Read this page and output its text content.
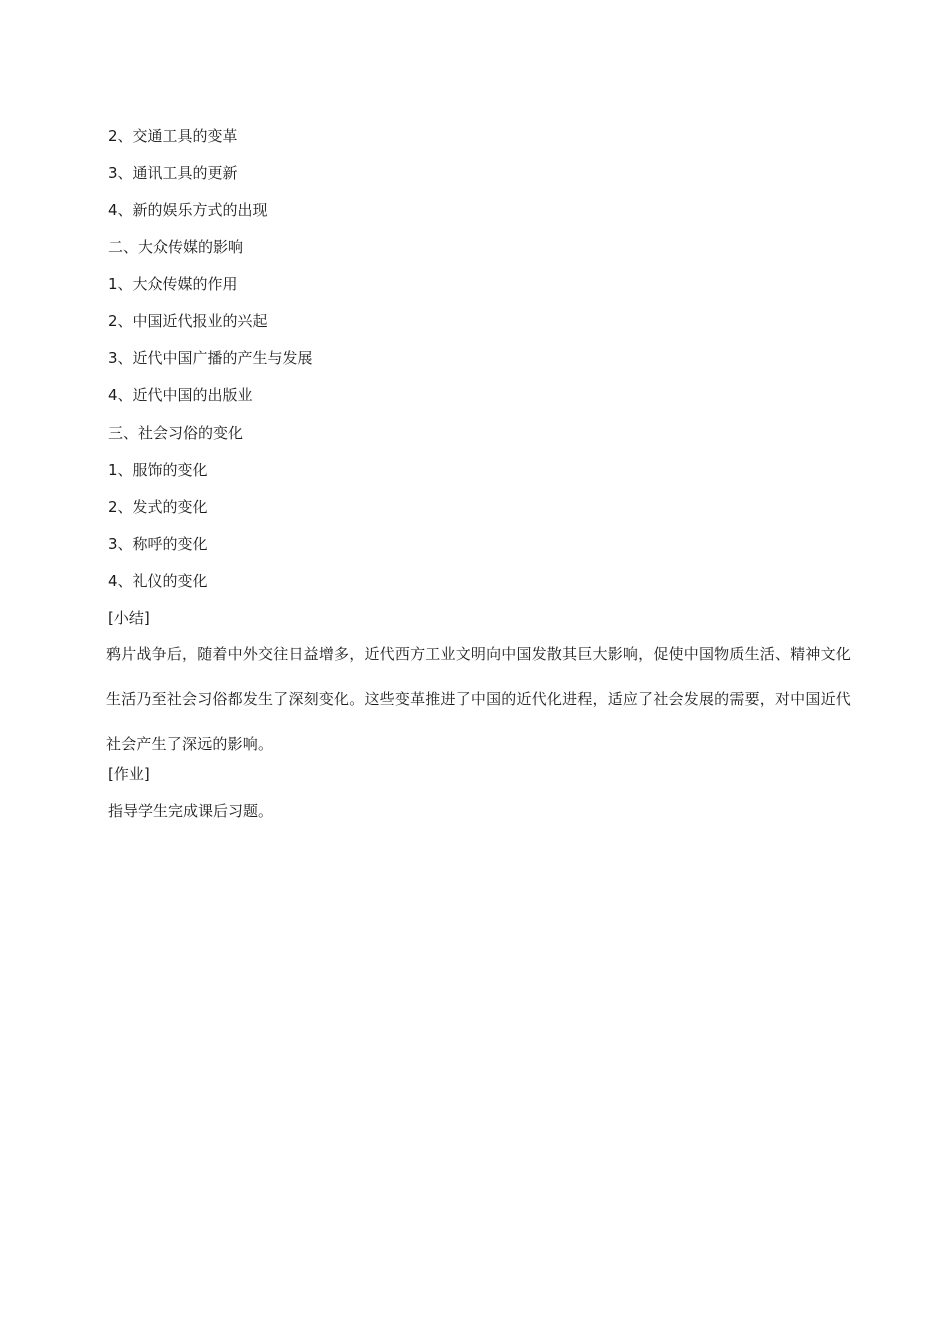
2、交通工具的变革
3、通讯工具的更新
4、新的娱乐方式的出现
二、大众传媒的影响
1、大众传媒的作用
2、中国近代报业的兴起
3、近代中国广播的产生与发展
4、近代中国的出版业
三、社会习俗的变化
1、服饰的变化
2、发式的变化
3、称呼的变化
4、礼仪的变化
[小结]
鸦片战争后，随着中外交往日益增多，近代西方工业文明向中国发散其巨大影响，促使中国物质生活、精神文化生活乃至社会习俗都发生了深刻变化。这些变革推进了中国的近代化进程，适应了社会发展的需要，对中国近代社会产生了深远的影响。
[作业]
指导学生完成课后习题。
